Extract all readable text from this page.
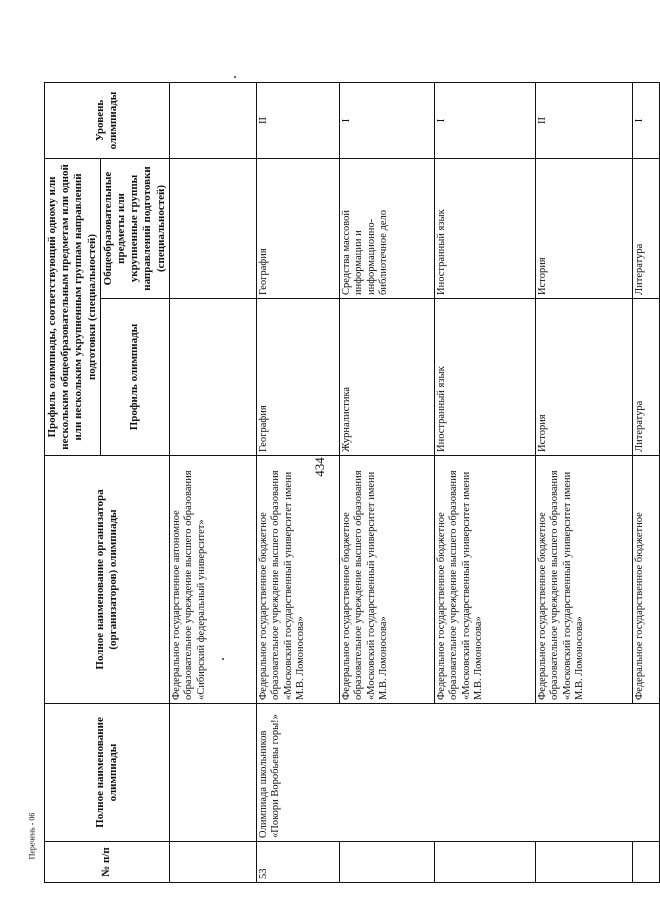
434
Перечень - 06
№ п/п	Полное наименование олимпиады	Полное наименование организатора (организаторов) олимпиады	Профиль олимпиады, соответствующий одному или нескольким общеобразовательным предметам или одной или нескольким укрупненным группам направлений подготовки (специальностей)		Уровень олимпиады
			Профиль олимпиады	Общеобразовательные предметы или укрупненные группы направлений подготовки (специальностей)	
		Федеральное государственное автономное образовательное учреждение высшего образования «Сибирский федеральный университет»			
53	Олимпиада школьников «Покори Воробьевы горы!»	Федеральное государственное бюджетное образовательное учреждение высшего образования «Московский государственный университет имени М.В. Ломоносова»	География	География	II
		Федеральное государственное бюджетное образовательное учреждение высшего образования «Московский государственный университет имени М.В. Ломоносова»	Журналистика	Средства массовой информации и информационно-библиотечное дело	I
		Федеральное государственное бюджетное образовательное учреждение высшего образования «Московский государственный университет имени М.В. Ломоносова»	Иностранный язык	Иностранный язык	I
		Федеральное государственное бюджетное образовательное учреждение высшего образования «Московский государственный университет имени М.В. Ломоносова»	История	История	II
		Федеральное государственное бюджетное	Литература	Литература	I
